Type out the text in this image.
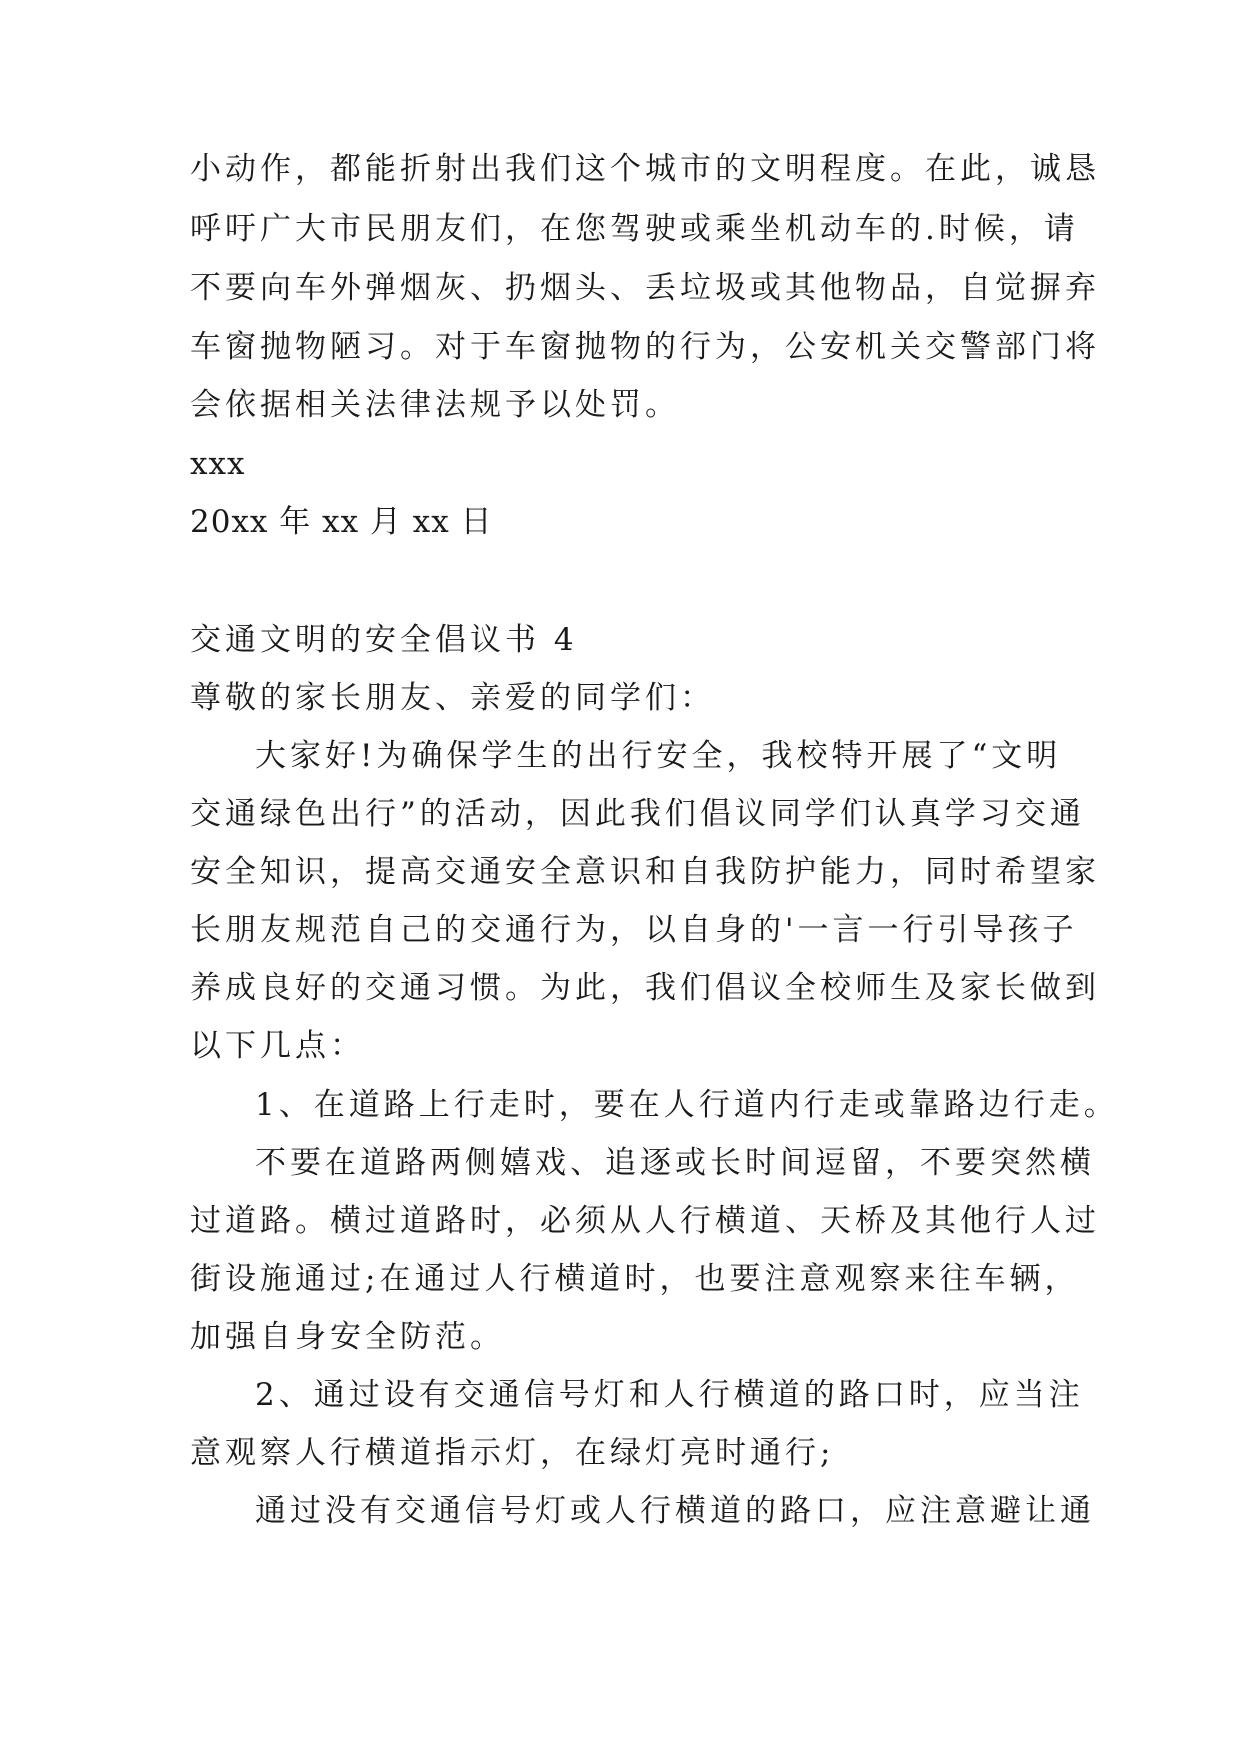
小动作，都能折射出我们这个城市的文明程度。在此，诚恳
呼吁广大市民朋友们，在您驾驶或乘坐机动车的.时候，请
不要向车外弹烟灰、扔烟头、丢垃圾或其他物品，自觉摒弃
车窗抛物陋习。对于车窗抛物的行为，公安机关交警部门将
会依据相关法律法规予以处罚。
xxx
20xx 年 xx 月 xx 日
交通文明的安全倡议书 4
尊敬的家长朋友、亲爱的同学们：
大家好!为确保学生的出行安全，我校特开展了“文明
交通绿色出行”的活动，因此我们倡议同学们认真学习交通
安全知识，提高交通安全意识和自我防护能力，同时希望家
长朋友规范自己的交通行为，以自身的'一言一行引导孩子
养成良好的交通习惯。为此，我们倡议全校师生及家长做到
以下几点：
1、在道路上行走时，要在人行道内行走或靠路边行走。
不要在道路两侧嬉戏、追逐或长时间逗留，不要突然横
过道路。横过道路时，必须从人行横道、天桥及其他行人过
街设施通过;在通过人行横道时，也要注意观察来往车辆，
加强自身安全防范。
2、通过设有交通信号灯和人行横道的路口时，应当注
意观察人行横道指示灯，在绿灯亮时通行;
通过没有交通信号灯或人行横道的路口，应注意避让通
